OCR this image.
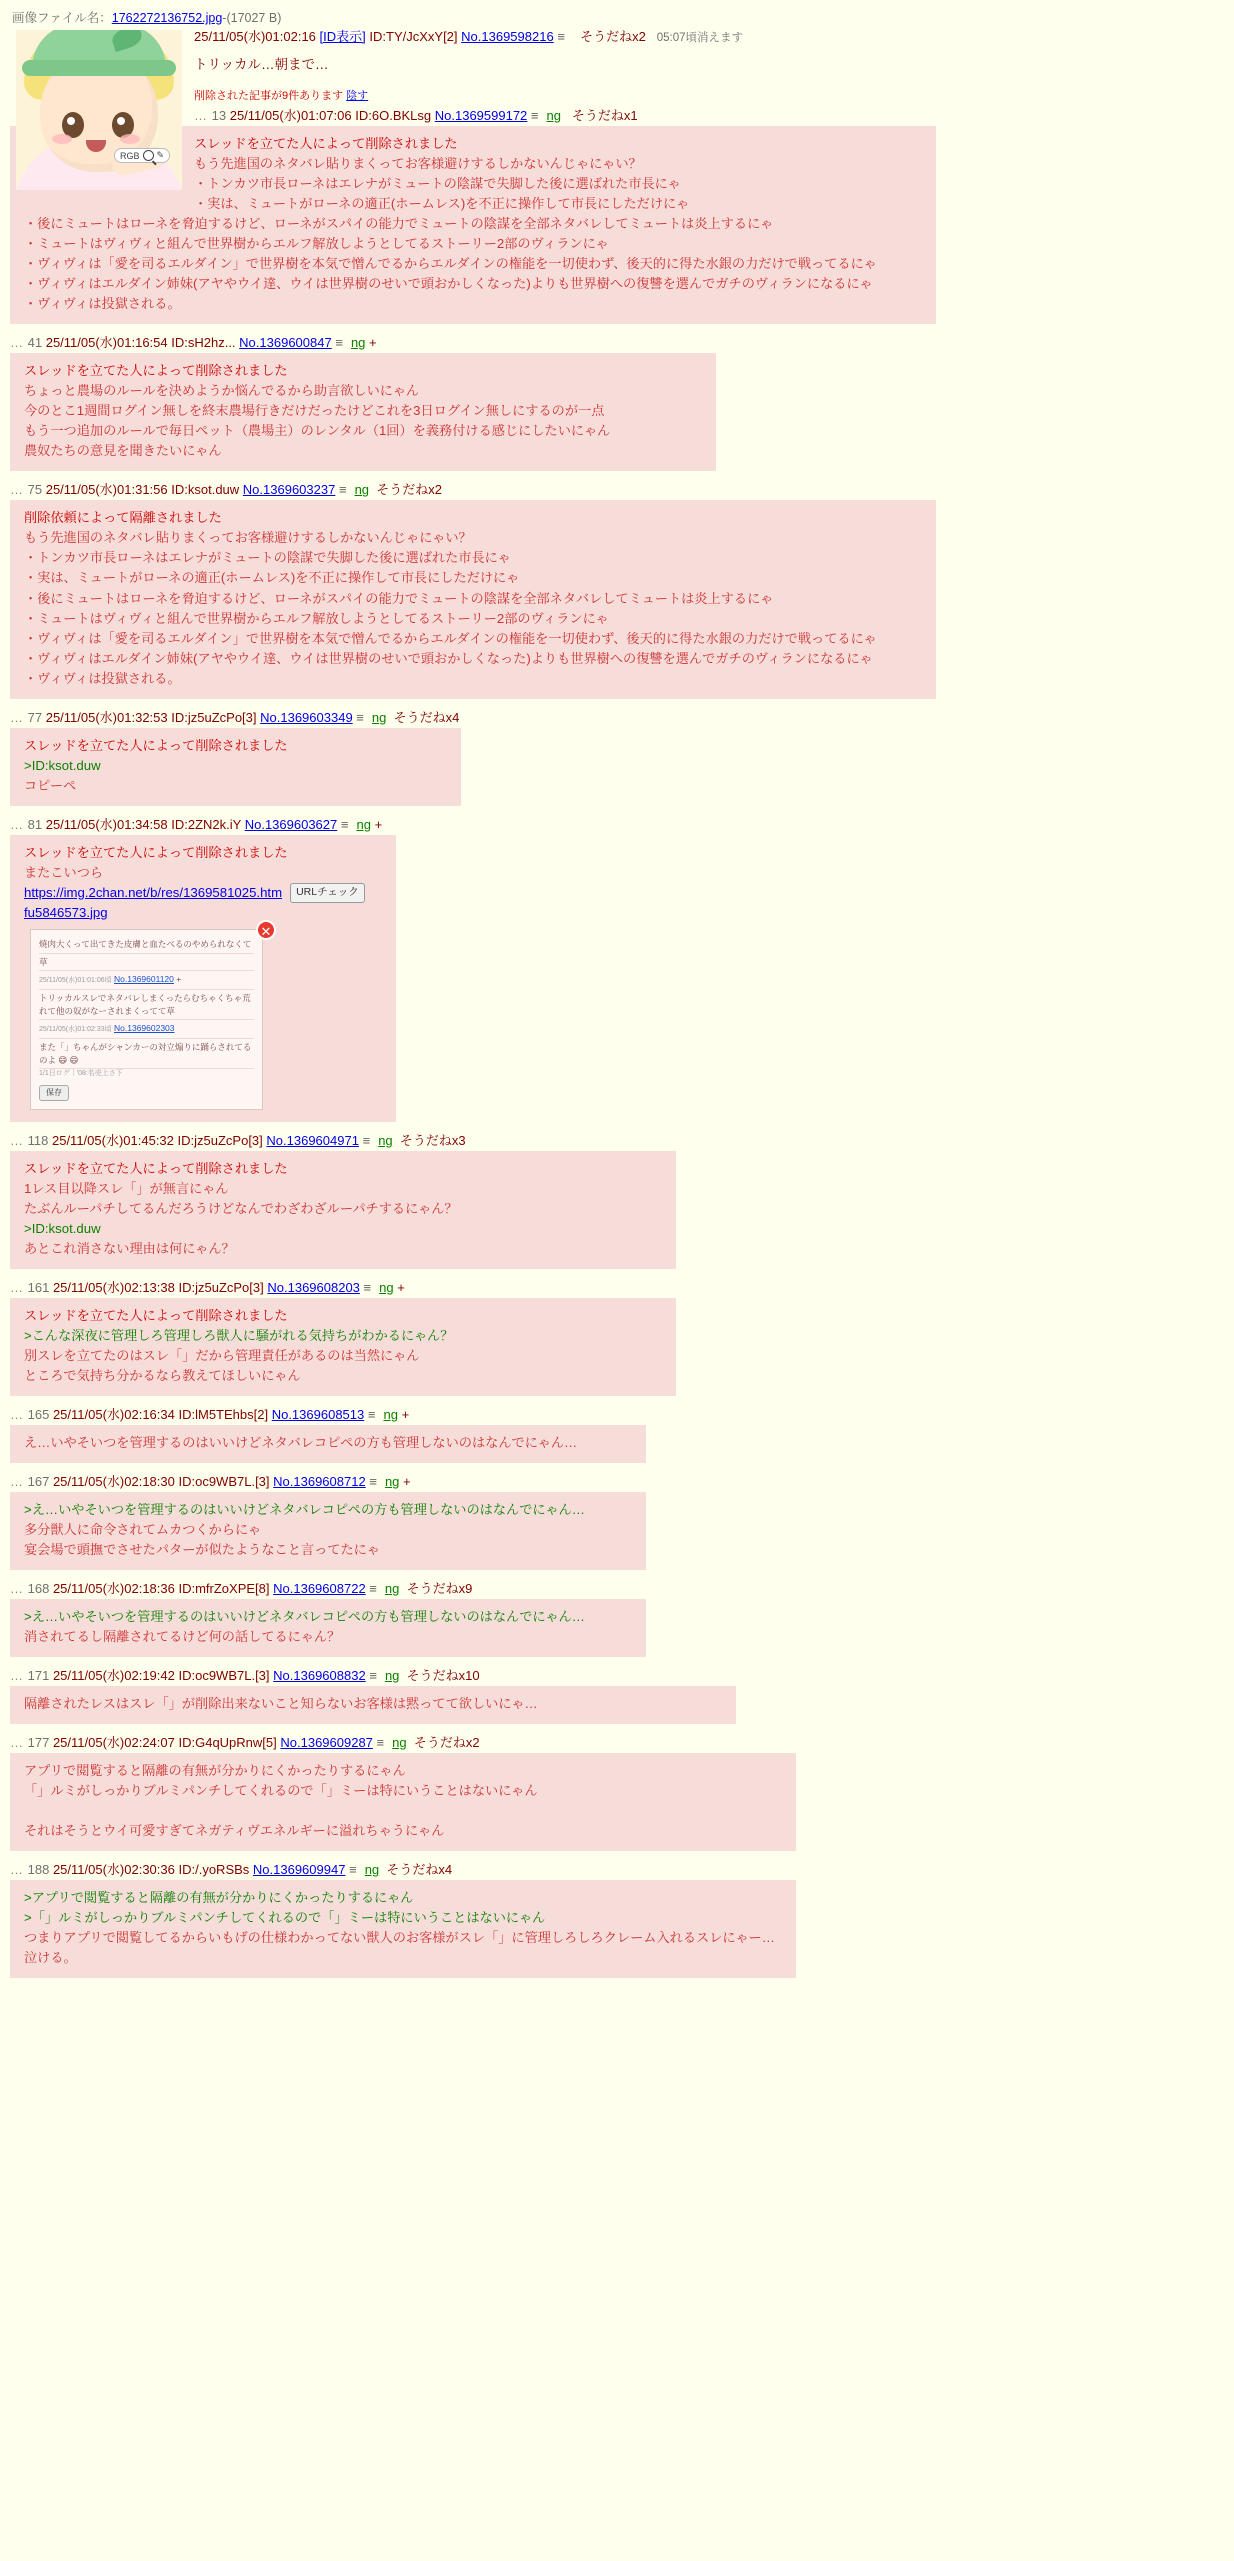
画像ファイル名：1762272136752.jpg-(17027 B)
RGB ✎
25/11/05(水)01:02:16 [ID表示] ID:TY/JcXxY[2] No.1369598216 ≡ そうだねx2 05:07頃消えます
トリッカル…朝まで…
削除された記事が9件あります 陰す
… 13 25/11/05(水)01:07:06 ID:6O.BKLsg No.1369599172 ≡ ng そうだねx1
スレッドを立てた人によって削除されました
もう先進国のネタバレ貼りまくってお客様避けするしかないんじゃにゃい？
・トンカツ市長ローネはエレナがミュートの陰謀で失脚した後に選ばれた市長にゃ
・実は、ミュートがローネの適正(ホームレス)を不正に操作して市長にしただけにゃ
・後にミュートはローネを脅迫するけど、ローネがスパイの能力でミュートの陰謀を全部ネタバレしてミュートは炎上するにゃ
・ミュートはヴィヴィと組んで世界樹からエルフ解放しようとしてるストーリー2部のヴィランにゃ
・ヴィヴィは「愛を司るエルダイン」で世界樹を本気で憎んでるからエルダインの権能を一切使わず、後天的に得た水銀の力だけで戦ってるにゃ
・ヴィヴィはエルダイン姉妹(アヤやウイ達、ウイは世界樹のせいで頭おかしくなった)よりも世界樹への復讐を選んでガチのヴィランになるにゃ
・ヴィヴィは投獄される。
… 41 25/11/05(水)01:16:54 ID:sH2hz... No.1369600847 ≡ ng +
スレッドを立てた人によって削除されました
ちょっと農場のルールを決めようか悩んでるから助言欲しいにゃん
今のとこ1週間ログイン無しを終末農場行きだけだったけどこれを3日ログイン無しにするのが一点
もう一つ追加のルールで毎日ペット（農場主）のレンタル（1回）を義務付ける感じにしたいにゃん
農奴たちの意見を聞きたいにゃん
… 75 25/11/05(水)01:31:56 ID:ksot.duw No.1369603237 ≡ ng そうだねx2
削除依頼によって隔離されました
もう先進国のネタバレ貼りまくってお客様避けするしかないんじゃにゃい？
・トンカツ市長ローネはエレナがミュートの陰謀で失脚した後に選ばれた市長にゃ
・実は、ミュートがローネの適正(ホームレス)を不正に操作して市長にしただけにゃ
・後にミュートはローネを脅迫するけど、ローネがスパイの能力でミュートの陰謀を全部ネタバレしてミュートは炎上するにゃ
・ミュートはヴィヴィと組んで世界樹からエルフ解放しようとしてるストーリー2部のヴィランにゃ
・ヴィヴィは「愛を司るエルダイン」で世界樹を本気で憎んでるからエルダインの権能を一切使わず、後天的に得た水銀の力だけで戦ってるにゃ
・ヴィヴィはエルダイン姉妹(アヤやウイ達、ウイは世界樹のせいで頭おかしくなった)よりも世界樹への復讐を選んでガチのヴィランになるにゃ
・ヴィヴィは投獄される。
… 77 25/11/05(水)01:32:53 ID:jz5uZcPo[3] No.1369603349 ≡ ng そうだねx4
スレッドを立てた人によって削除されました
>ID:ksot.duw
コピーペ
… 81 25/11/05(水)01:34:58 ID:2ZN2k.iY No.1369603627 ≡ ng +
スレッドを立てた人によって削除されました
またこいつら
https://img.2chan.net/b/res/1369581025.htm URLチェック
fu5846573.jpg
焼肉大くって出てきた皮膚と血たべるのやめられなくて
草
25/11/05(水)01:01:06頃 No.1369601120 +
トリッカルスレでネタバレしまくったらむちゃくちゃ荒れて他の奴がなーされまくってて草
25/11/05(水)01:02:33頃 No.1369602303
また「」ちゃんがシャンカーの対立煽りに踊らされてるのよ 😄 😄
1/1日ログ｜'08:名売上さ下
保存
✕
… 118 25/11/05(水)01:45:32 ID:jz5uZcPo[3] No.1369604971 ≡ ng そうだねx3
スレッドを立てた人によって削除されました
1レス目以降スレ「」が無言にゃん
たぶんルーパチしてるんだろうけどなんでわざわざルーパチするにゃん？
>ID:ksot.duw
あとこれ消さない理由は何にゃん？
… 161 25/11/05(水)02:13:38 ID:jz5uZcPo[3] No.1369608203 ≡ ng +
スレッドを立てた人によって削除されました
>こんな深夜に管理しろ管理しろ獣人に騒がれる気持ちがわかるにゃん？
別スレを立てたのはスレ「」だから管理責任があるのは当然にゃん
ところで気持ち分かるなら教えてほしいにゃん
… 165 25/11/05(水)02:16:34 ID:lM5TEhbs[2] No.1369608513 ≡ ng +
え…いやそいつを管理するのはいいけどネタバレコピペの方も管理しないのはなんでにゃん…
… 167 25/11/05(水)02:18:30 ID:oc9WB7L.[3] No.1369608712 ≡ ng +
>え…いやそいつを管理するのはいいけどネタバレコピペの方も管理しないのはなんでにゃん…
多分獣人に命令されてムカつくからにゃ
宴会場で頭撫でさせたパターが似たようなこと言ってたにゃ
… 168 25/11/05(水)02:18:36 ID:mfrZoXPE[8] No.1369608722 ≡ ng そうだねx9
>え…いやそいつを管理するのはいいけどネタバレコピペの方も管理しないのはなんでにゃん…
消されてるし隔離されてるけど何の話してるにゃん？
… 171 25/11/05(水)02:19:42 ID:oc9WB7L.[3] No.1369608832 ≡ ng そうだねx10
隔離されたレスはスレ「」が削除出来ないこと知らないお客様は黙ってて欲しいにゃ…
… 177 25/11/05(水)02:24:07 ID:G4qUpRnw[5] No.1369609287 ≡ ng そうだねx2
アプリで閲覧すると隔離の有無が分かりにくかったりするにゃん
「」ルミがしっかりブルミパンチしてくれるので「」ミーは特にいうことはないにゃん

それはそうとウイ可愛すぎてネガティヴエネルギーに溢れちゃうにゃん
… 188 25/11/05(水)02:30:36 ID:/.yoRSBs No.1369609947 ≡ ng そうだねx4
>アプリで閲覧すると隔離の有無が分かりにくかったりするにゃん
>「」ルミがしっかりブルミパンチしてくれるので「」ミーは特にいうことはないにゃん
つまりアプリで閲覧してるからいもげの仕様わかってない獣人のお客様がスレ「」に管理しろしろクレーム入れるスレにゃー…泣ける。
